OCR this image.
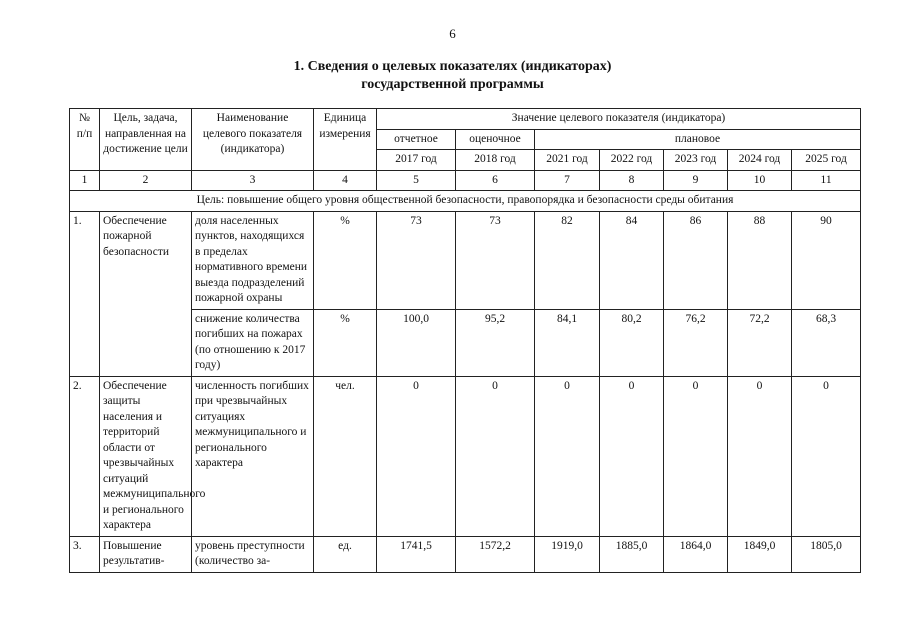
6
1. Сведения о целевых показателях (индикаторах)
государственной программы
№ п/п	Цель, задача, направленная на достижение цели	Наименование целевого показателя (индикатора)	Единица измерения	Значение целевого показателя (индикатора)						
				отчетное	оценочное	плановое				
				2017 год	2018 год	2021 год	2022 год	2023 год	2024 год	2025 год
1	2	3	4	5	6	7	8	9	10	11
Цель: повышение общего уровня общественной безопасности, правопорядка и безопасности среды обитания										
1.	Обеспечение пожарной безопасности	доля населенных пунктов, находящихся в пределах нормативного времени выезда подразделений пожарной охраны	%	73	73	82	84	86	88	90
		снижение количества погибших на пожарах (по отношению к 2017 году)	%	100,0	95,2	84,1	80,2	76,2	72,2	68,3
2.	Обеспечение защиты населения и территорий области от чрезвычайных ситуаций межмуниципального и регионального характера	численность погибших при чрезвычайных ситуациях межмуниципального и регионального характера	чел.	0	0	0	0	0	0	0
3.	Повышение результатив-	уровень преступности (количество за-	ед.	1741,5	1572,2	1919,0	1885,0	1864,0	1849,0	1805,0
